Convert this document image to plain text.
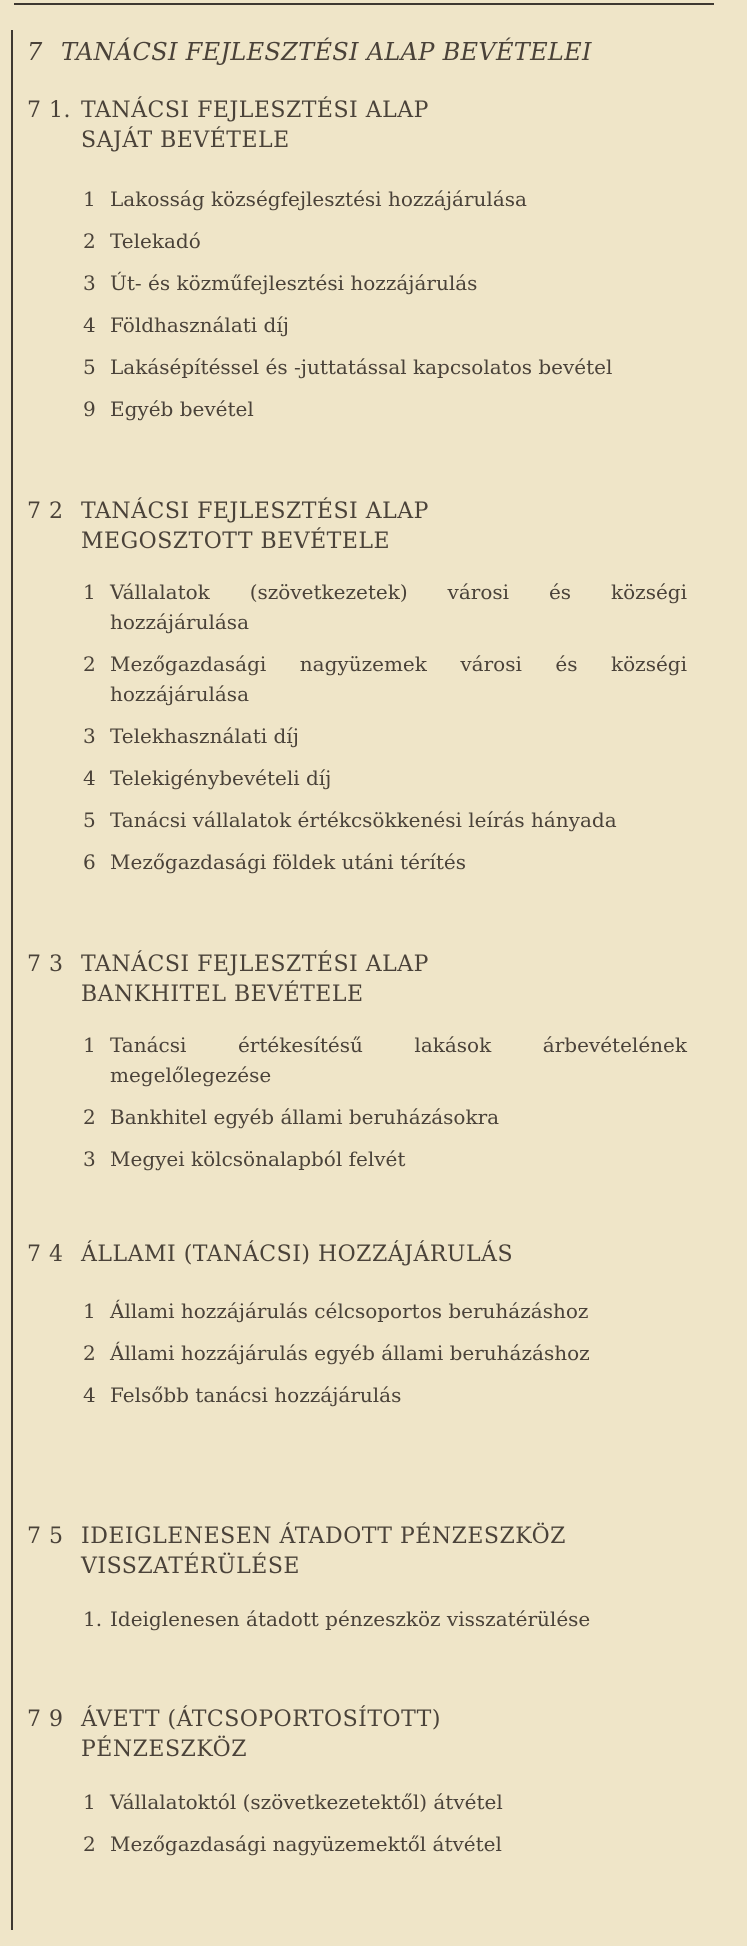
7 TANÁCSI FEJLESZTÉSI ALAP BEVÉTELEI
7 1. TANÁCSI FEJLESZTÉSI ALAP SAJÁT BEVÉTELE
1 Lakosság községfejlesztési hozzájárulása
2 Telekadó
3 Út- és közműfejlesztési hozzájárulás
4 Földhasználati díj
5 Lakásépítéssel és -juttatással kapcsolatos bevétel
9 Egyéb bevétel
7 2 TANÁCSI FEJLESZTÉSI ALAP MEGOSZTOTT BEVÉTELE
1 Vállalatok (szövetkezetek) városi és községi hozzájárulása
2 Mezőgazdasági nagyüzemek városi és községi hozzájárulása
3 Telekhasználati díj
4 Telekigénybevételi díj
5 Tanácsi vállalatok értékcsökkenési leírás hányada
6 Mezőgazdasági földek utáni térítés
7 3 TANÁCSI FEJLESZTÉSI ALAP BANKHITEL BEVÉTELE
1 Tanácsi értékesítésű lakások árbevételének megelőlegezése
2 Bankhitel egyéb állami beruházásokra
3 Megyei kölcsönalapból felvét
7 4 ÁLLAMI (TANÁCSI) HOZZÁJÁRULÁS
1 Állami hozzájárulás célcsoportos beruházáshoz
2 Állami hozzájárulás egyéb állami beruházáshoz
4 Felsőbb tanácsi hozzájárulás
7 5 IDEIGLENESEN ÁTADOTT PÉNZESZKÖZ VISSZATÉRÜLÉSE
1. Ideiglenesen átadott pénzeszköz visszatérülése
7 9 ÁVETT (ÁTCSOPORTOSÍTOTT) PÉNZESZKÖZ
1 Vállalatoktól (szövetkezetektől) átvétel
2 Mezőgazdasági nagyüzemektől átvétel
